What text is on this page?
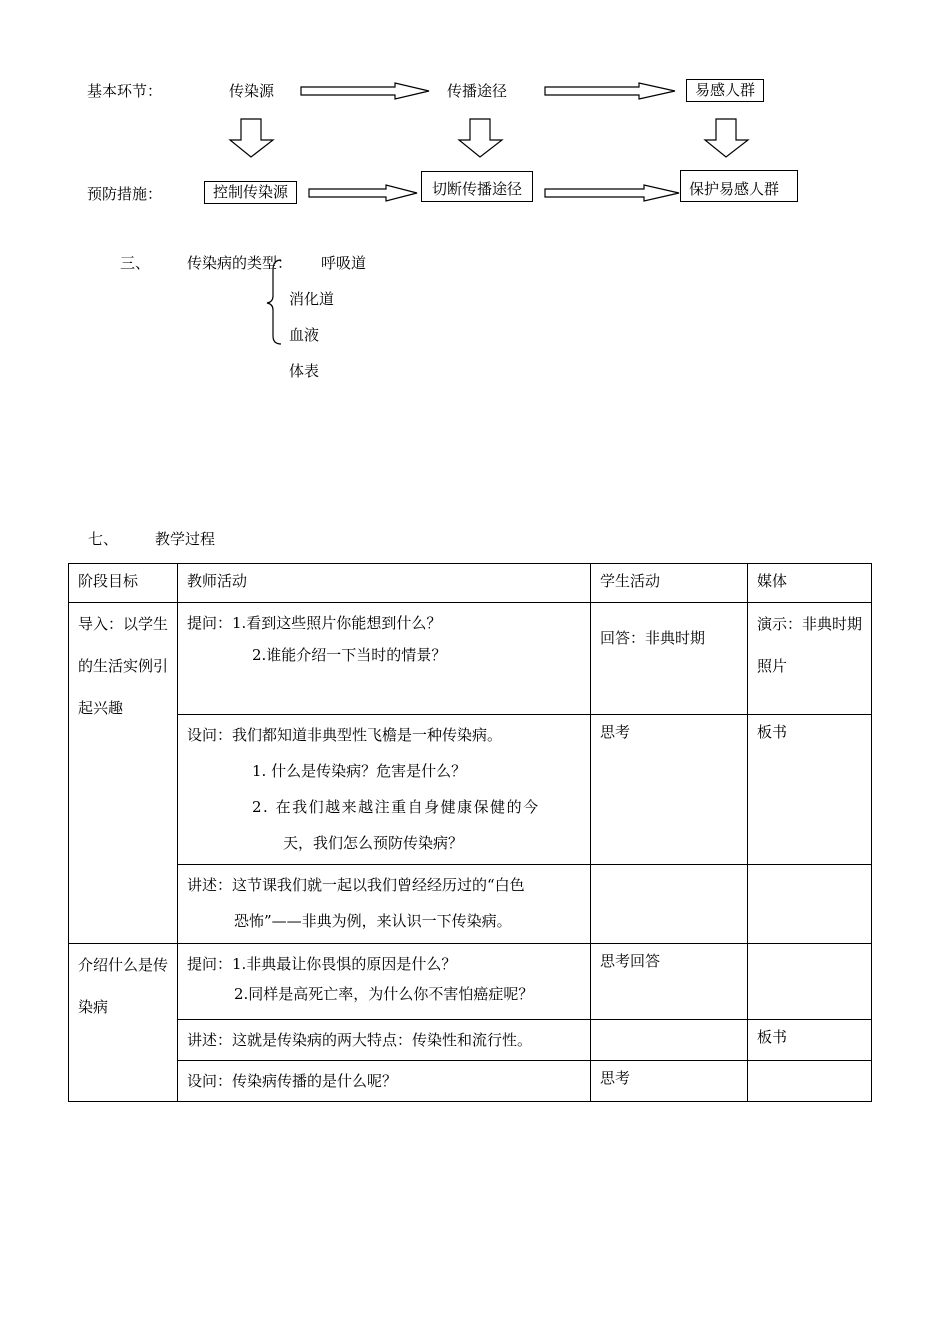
基本环节：	传染源	传播途径	易感人群
预防措施：	控制传染源	切断传播途径	保护易感人群
三、 传染病的类型： 呼吸道
消化道
血液
体表
七、 教学过程
阶段目标	教师活动	学生活动	媒体

导入：以学生的生活实例引起兴趣	提问：1.看到这些照片你能想到什么？
2.谁能介绍一下当时的情景？	回答：非典时期	演示：非典时期照片

	设问：我们都知道非典型性飞檐是一种传染病。
1. 什么是传染病？危害是什么？
2. 在我们越来越注重自身健康保健的今
天，我们怎么预防传染病？	思考	板书

	讲述：这节课我们就一起以我们曾经经历过的“白色
恐怖”——非典为例，来认识一下传染病。		

介绍什么是传染病	提问：1.非典最让你畏惧的原因是什么？
2.同样是高死亡率，为什么你不害怕癌症呢？	思考回答	

	讲述：这就是传染病的两大特点：传染性和流行性。		板书

	设问：传染病传播的是什么呢？	思考	
